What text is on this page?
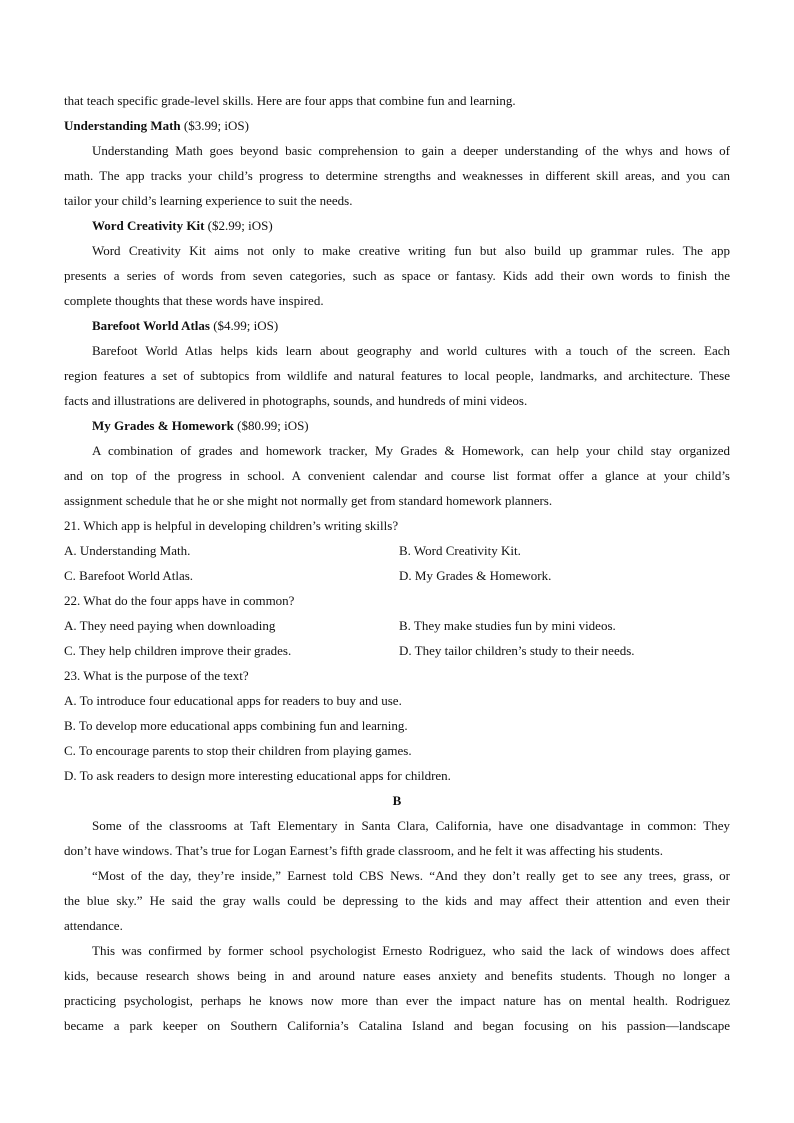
that teach specific grade-level skills. Here are four apps that combine fun and learning.
Understanding Math ($3.99; iOS)
Understanding Math goes beyond basic comprehension to gain a deeper understanding of the whys and hows of
math. The app tracks your child’s progress to determine strengths and weaknesses in different skill areas, and you can
tailor your child’s learning experience to suit the needs.
Word Creativity Kit ($2.99; iOS)
Word Creativity Kit aims not only to make creative writing fun but also build up grammar rules. The app
presents a series of words from seven categories, such as space or fantasy. Kids add their own words to finish the
complete thoughts that these words have inspired.
Barefoot World Atlas ($4.99; iOS)
Barefoot World Atlas helps kids learn about geography and world cultures with a touch of the screen. Each
region features a set of subtopics from wildlife and natural features to local people, landmarks, and architecture. These
facts and illustrations are delivered in photographs, sounds, and hundreds of mini videos.
My Grades & Homework ($80.99; iOS)
A combination of grades and homework tracker, My Grades & Homework, can help your child stay organized
and on top of the progress in school. A convenient calendar and course list format offer a glance at your child’s
assignment schedule that he or she might not normally get from standard homework planners.
21. Which app is helpful in developing children’s writing skills?
A. Understanding Math.	B. Word Creativity Kit.
C. Barefoot World Atlas.	D. My Grades & Homework.
22. What do the four apps have in common?
A. They need paying when downloading	B. They make studies fun by mini videos.
C. They help children improve their grades.	D. They tailor children’s study to their needs.
23. What is the purpose of the text?
A. To introduce four educational apps for readers to buy and use.
B. To develop more educational apps combining fun and learning.
C. To encourage parents to stop their children from playing games.
D. To ask readers to design more interesting educational apps for children.
B
Some of the classrooms at Taft Elementary in Santa Clara, California, have one disadvantage in common: They
don’t have windows. That’s true for Logan Earnest’s fifth grade classroom, and he felt it was affecting his students.
“Most of the day, they’re inside,” Earnest told CBS News. “And they don’t really get to see any trees, grass, or
the blue sky.” He said the gray walls could be depressing to the kids and may affect their attention and even their
attendance.
This was confirmed by former school psychologist Ernesto Rodriguez, who said the lack of windows does affect
kids, because research shows being in and around nature eases anxiety and benefits students. Though no longer a
practicing psychologist, perhaps he knows now more than ever the impact nature has on mental health. Rodriguez
became a park keeper on Southern California’s Catalina Island and began focusing on his passion—landscape
